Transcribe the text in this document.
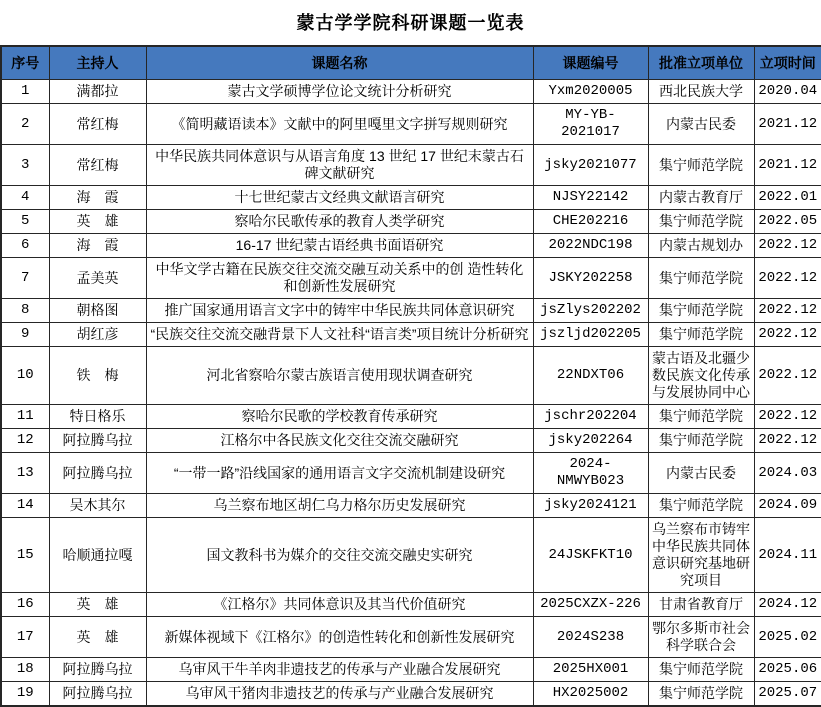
蒙古学学院科研课题一览表
序号	主持人	课题名称	课题编号	批准立项单位	立项时间
1	满都拉	蒙古文学硕博学位论文统计分析研究	Yxm2020005	西北民族大学	2020.04
2	常红梅	《简明藏语读本》文献中的阿里嘎里文字拼写规则研究	MY-YB-2021017	内蒙古民委	2021.12
3	常红梅	中华民族共同体意识与从语言角度 13 世纪 17 世纪末蒙古石碑文献研究	jsky2021077	集宁师范学院	2021.12
4	海　霞	十七世纪蒙古文经典文献语言研究	NJSY22142	内蒙古教育厅	2022.01
5	英　雄	察哈尔民歌传承的教育人类学研究	CHE202216	集宁师范学院	2022.05
6	海　霞	16-17 世纪蒙古语经典书面语研究	2022NDC198	内蒙古规划办	2022.12
7	孟美英	中华文学古籍在民族交往交流交融互动关系中的创 造性转化和创新性发展研究	JSKY202258	集宁师范学院	2022.12
8	朝格图	推广国家通用语言文字中的铸牢中华民族共同体意识研究	jsZlys202202	集宁师范学院	2022.12
9	胡红彦	“民族交往交流交融背景下人文社科“语言类”项目统计分析研究	jszljd202205	集宁师范学院	2022.12
10	铁　梅	河北省察哈尔蒙古族语言使用现状调查研究	22NDXT06	蒙古语及北疆少数民族文化传承与发展协同中心	2022.12
11	特日格乐	察哈尔民歌的学校教育传承研究	jschr202204	集宁师范学院	2022.12
12	阿拉腾乌拉	江格尔中各民族文化交往交流交融研究	jsky202264	集宁师范学院	2022.12
13	阿拉腾乌拉	“一带一路”沿线国家的通用语言文字交流机制建设研究	2024-NMWYB023	内蒙古民委	2024.03
14	吴木其尔	乌兰察布地区胡仁乌力格尔历史发展研究	jsky2024121	集宁师范学院	2024.09
15	哈顺通拉嘎	国文教科书为媒介的交往交流交融史实研究	24JSKFKT10	乌兰察布市铸牢中华民族共同体意识研究基地研究项目	2024.11
16	英　雄	《江格尔》共同体意识及其当代价值研究	2025CXZX-226	甘肃省教育厅	2024.12
17	英　雄	新媒体视域下《江格尔》的创造性转化和创新性发展研究	2024S238	鄂尔多斯市社会科学联合会	2025.02
18	阿拉腾乌拉	乌审风干牛羊肉非遗技艺的传承与产业融合发展研究	2025HX001	集宁师范学院	2025.06
19	阿拉腾乌拉	乌审风干猪肉非遗技艺的传承与产业融合发展研究	HX2025002	集宁师范学院	2025.07
